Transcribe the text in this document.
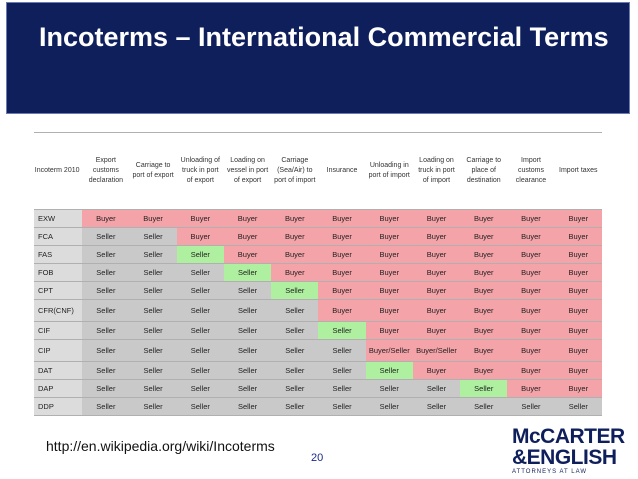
Incoterms – International Commercial Terms
Incoterm 2010	Export customs declaration	Carriage to port of export	Unloading of truck in port of export	Loading on vessel in port of export	Carriage (Sea/Air) to port of import	Insurance	Unloading in port of import	Loading on truck in port of import	Carriage to place of destination	Import customs clearance	Import taxes
EXW	Buyer	Buyer	Buyer	Buyer	Buyer	Buyer	Buyer	Buyer	Buyer	Buyer	Buyer
FCA	Seller	Seller	Buyer	Buyer	Buyer	Buyer	Buyer	Buyer	Buyer	Buyer	Buyer
FAS	Seller	Seller	Seller	Buyer	Buyer	Buyer	Buyer	Buyer	Buyer	Buyer	Buyer
FOB	Seller	Seller	Seller	Seller	Buyer	Buyer	Buyer	Buyer	Buyer	Buyer	Buyer
CPT	Seller	Seller	Seller	Seller	Seller	Buyer	Buyer	Buyer	Buyer	Buyer	Buyer
CFR(CNF)	Seller	Seller	Seller	Seller	Seller	Buyer	Buyer	Buyer	Buyer	Buyer	Buyer
CIF	Seller	Seller	Seller	Seller	Seller	Seller	Buyer	Buyer	Buyer	Buyer	Buyer
CIP	Seller	Seller	Seller	Seller	Seller	Seller	Buyer/Seller	Buyer/Seller	Buyer	Buyer	Buyer
DAT	Seller	Seller	Seller	Seller	Seller	Seller	Seller	Buyer	Buyer	Buyer	Buyer
DAP	Seller	Seller	Seller	Seller	Seller	Seller	Seller	Seller	Seller	Buyer	Buyer
DDP	Seller	Seller	Seller	Seller	Seller	Seller	Seller	Seller	Seller	Seller	Seller
http://en.wikipedia.org/wiki/Incoterms
20
McCARTER
&ENGLISH
ATTORNEYS AT LAW
